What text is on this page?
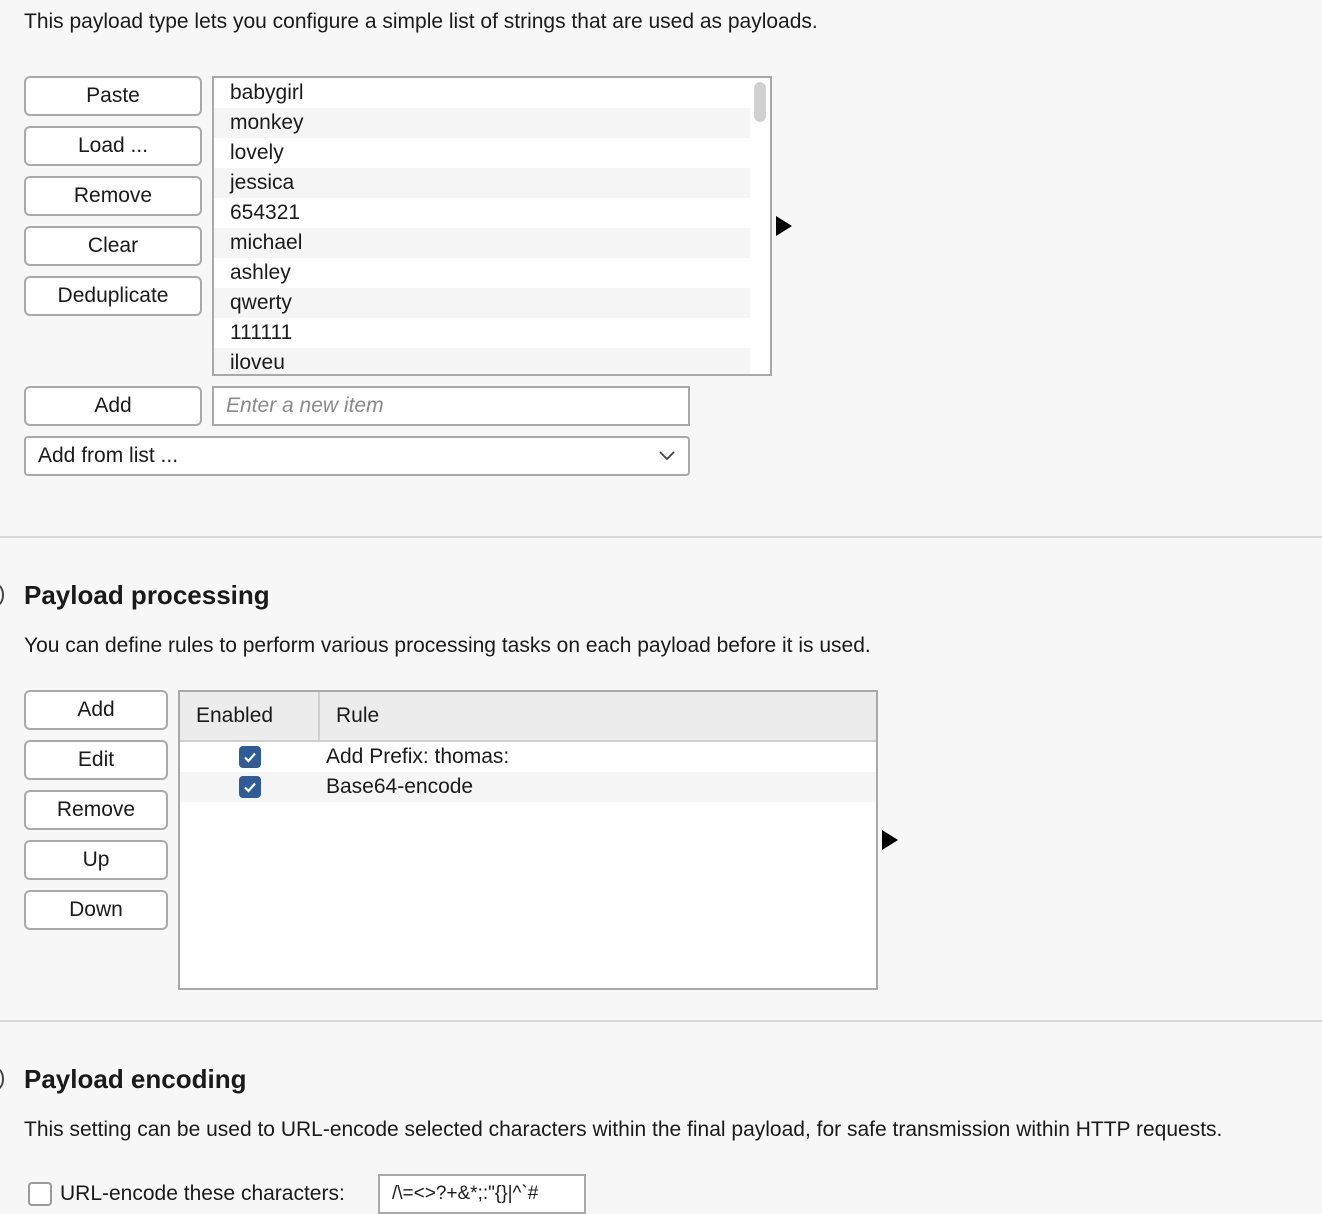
This payload type lets you configure a simple list of strings that are used as payloads.
Paste
Load ...
Remove
Clear
Deduplicate
babygirl
monkey
lovely
jessica
654321
michael
ashley
qwerty
111111
iloveu
Add	Enter a new item
Add from list ...
Payload processing
You can define rules to perform various processing tasks on each payload before it is used.
Add
Edit
Remove
Up
Down
Enabled	Rule
Add Prefix: thomas:
Base64-encode
Payload encoding
This setting can be used to URL-encode selected characters within the final payload, for safe transmission within HTTP requests.
URL-encode these characters:	/\=<>?+&*;:"{}|^`#
